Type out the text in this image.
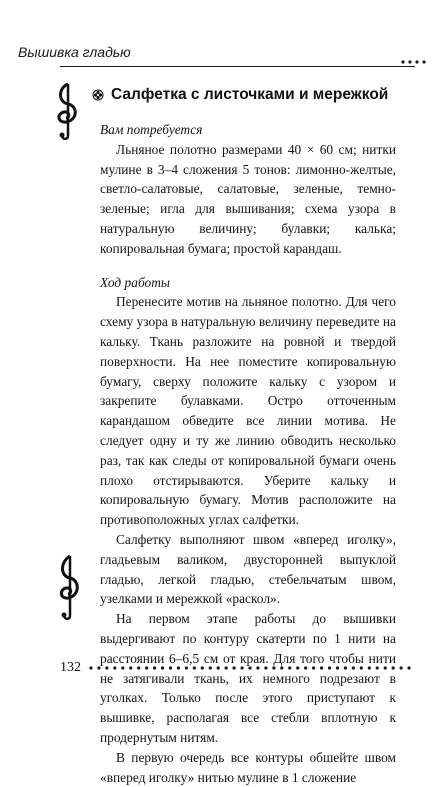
Вышивка гладью
Салфетка с листочками и мережкой

Вам потребуется

Льняное полотно размерами 40 × 60 см; нитки мулине в 3–4 сложения 5 тонов: лимонно-желтые, светло-салатовые, салатовые, зеленые, темно-зеленые; игла для вышивания; схема узора в натуральную величину; булавки; калька; копировальная бумага; простой карандаш.

Ход работы

Перенесите мотив на льняное полотно. Для чего схему узора в натуральную величину переведите на кальку. Ткань разложите на ровной и твердой поверхности. На нее поместите копировальную бумагу, сверху положите кальку с узором и закрепите булавками. Остро отточенным карандашом обведите все линии мотива. Не следует одну и ту же линию обводить несколько раз, так как следы от копировальной бумаги очень плохо отстирываются. Уберите кальку и копировальную бумагу. Мотив расположите на противоположных углах салфетки.

Салфетку выполняют швом «вперед иголку», гладьевым валиком, двусторонней выпуклой гладью, легкой гладью, стебельчатым швом, узелками и мережкой «раскол».

На первом этапе работы до вышивки выдергивают по контуру скатерти по 1 нити на расстоянии 6–6,5 см от края. Для того чтобы нити не затягивали ткань, их немного подрезают в уголках. Только после этого приступают к вышивке, располагая все стебли вплотную к продернутым нитям.

В первую очередь все контуры обшейте швом «вперед иголку» нитью мулине в 1 сложение

132
